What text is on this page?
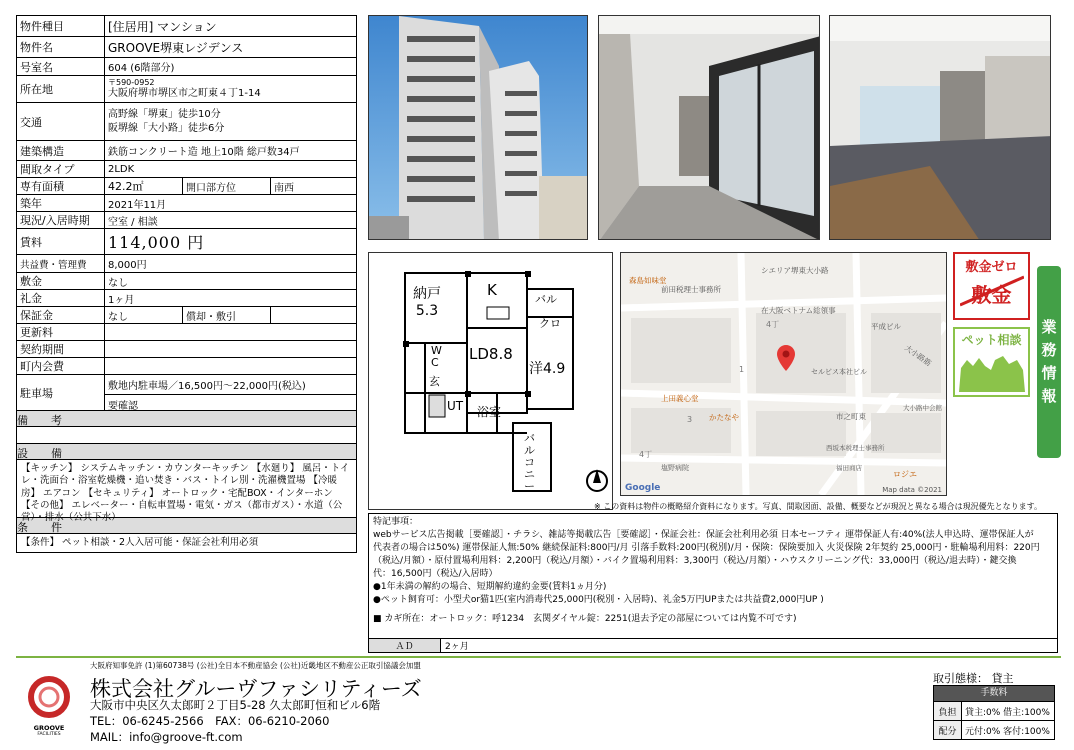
物件種目	[住居用] マンション
物件名	GROOVE堺東レジデンス
号室名	604 (6階部分)
所在地
〒590-0952
大阪府堺市堺区市之町東４丁1-14
交通
高野線「堺東」徒歩10分
阪堺線「大小路」徒歩6分
建築構造	鉄筋コンクリート造 地上10階 総戸数34戸
間取タイプ	2LDK
専有面積	42.2㎡	開口部方位	南西
築年	2021年11月
現況/入居時期	空室 / 相談
賃料	114,000 円
共益費・管理費	8,000円
敷金	なし
礼金	1ヶ月
保証金	なし	償却・敷引
更新料
契約期間
町内会費
駐車場	敷地内駐車場／16,500円～22,000円(税込)
要確認
備　考
設　備
【キッチン】 システムキッチン・カウンターキッチン 【水廻り】 風呂・トイレ・洗面台・浴室乾燥機・追い焚き・バス・トイレ別・洗濯機置場 【冷暖房】 エアコン 【セキュリティ】 オートロック・宅配BOX・インターホン 【その他】 エレベーター・自転車置場・電気・ガス（都市ガス）・水道（公
条　件
【条件】 ペット相談・2人入居可能・保証会社利用必須
納戸
5.3
K
バル
クロ
LD8.8
洋4.9
WC
玄
UT 浴室
バルコニー
森島如味堂
前田税理士事務所
シエリア堺東大小路
在大阪ベトナム総領事
平成ビル
大小路筋
セルビス本社ビル
上田義心堂
かたなや	市之町東
大小路中会館
西坂本税理士事務所
福田商店
ロジエ
塩野病院
4丁
1
3
4丁
Google	Map data ©2021
敷金ゼロ
敷金
ペット相談
業務情報
※ この資料は物件の概略紹介資料になります。写真、間取図面、設備、概要などが現況と異なる場合は現況優先となります。
特記事項：
webサービス広告掲載［要確認］・チラシ、雑誌等掲載広告［要確認］・保証会社：保証会社利用必須 日本セーフティ 運帯保証人有:40%(法人申込時、運帯保証人が
代表者の場合は50%) 運帯保証人無:50% 継続保証料:800円/月 引落手数料:200円(税別)/月・保険：保険要加入 火災保険 2年契約 25,000円・駐輪場利用料：220円
（税込/月額）・原付置場利用料：2,200円（税込/月額）・バイク置場利用料：3,300円（税込/月額）・ハウスクリーニング代：33,000円（税込/退去時）・鍵交換
代：16,500円（税込/入居時）
●1年未満の解約の場合、短期解約違約金要(賃料1ヵ月分)
●ペット飼育可：小型犬or猫1匹(室内消毒代25,000円(税別・入居時)、礼金5万円UPまたは共益費2,000円UP )
■ カギ所在：オートロック：呼1234　玄関ダイヤル錠：2251(退去予定の部屋については内覧不可です)
ＡＤ	2ヶ月
大阪府知事免許 (1)第60738号 (公社)全日本不動産協会 (公社)近畿地区不動産公正取引協議会加盟
GROOVE
FACILITIES
株式会社グルーヴファシリティーズ
大阪市中央区久太郎町２丁目5-28 久太郎町恒和ビル6階
TEL：06-6245-2566　FAX：06-6210-2060
MAIL：info@groove-ft.com
取引態様： 貸主
手数料
負担 貸主:0% 借主:100%
配分 元付:0% 客付:100%
